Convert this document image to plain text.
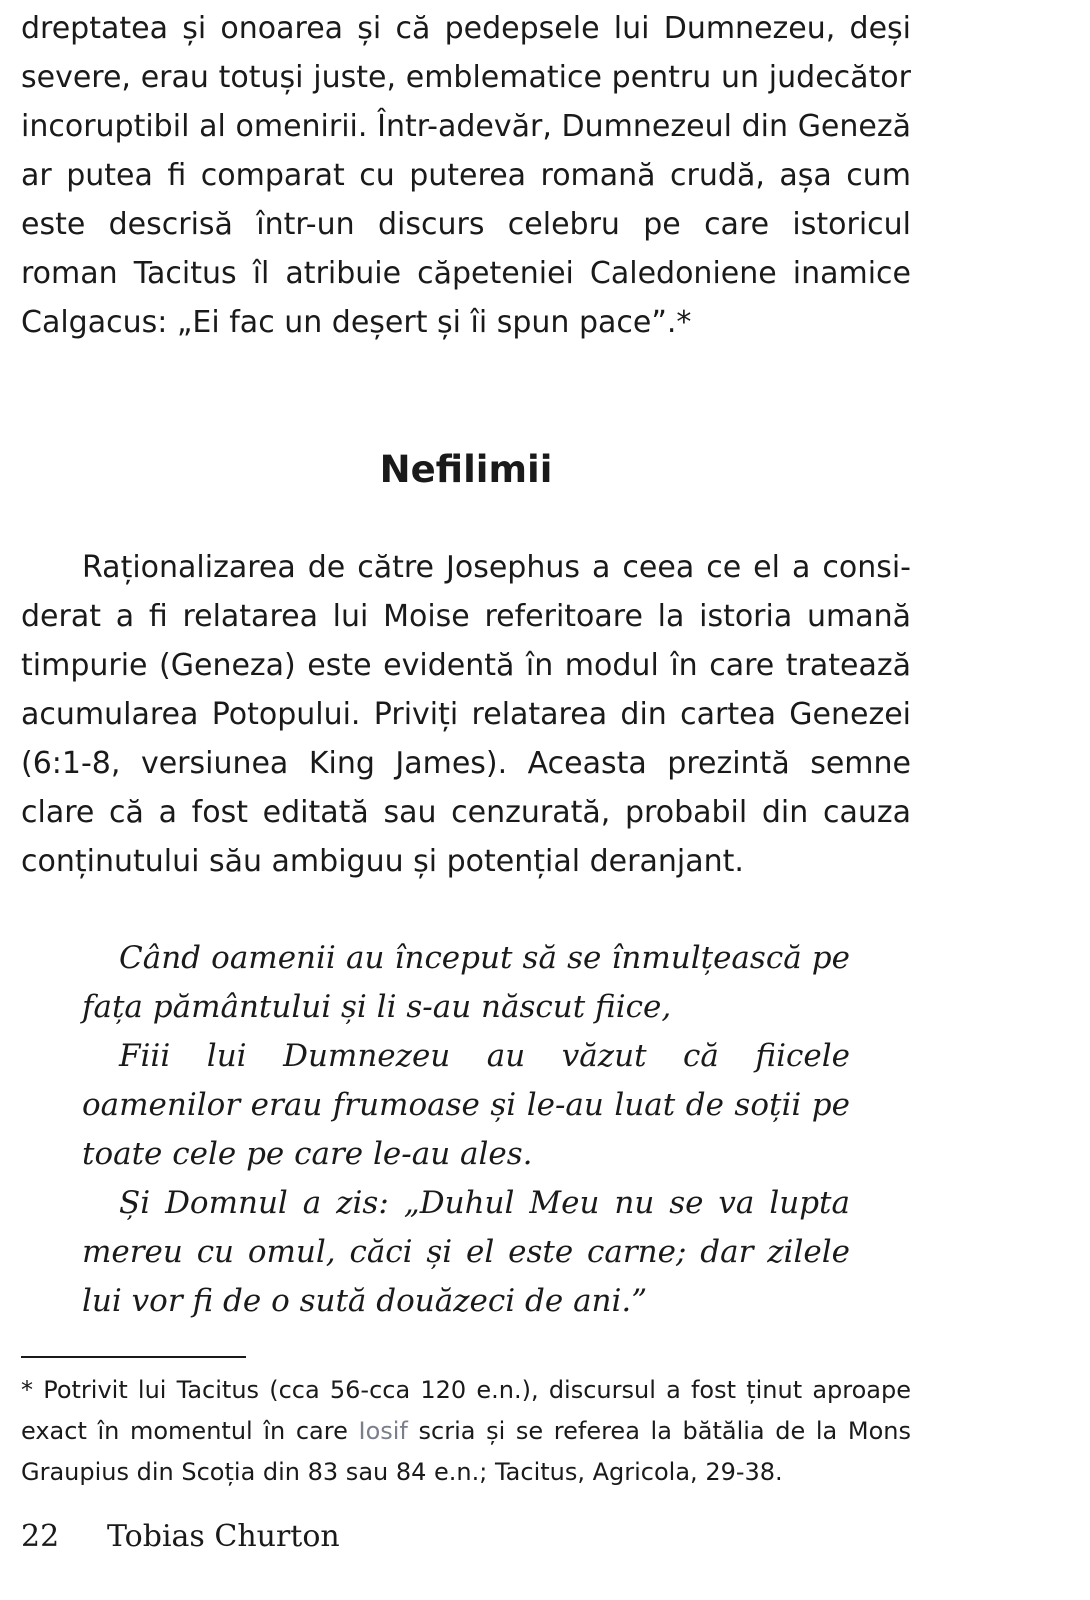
dreptatea și onoarea și că pedepsele lui Dumnezeu, deși severe, erau totuși juste, emblematice pentru un judecător incoruptibil al omenirii. Într-adevăr, Dumnezeul din Geneză ar putea fi comparat cu puterea romană crudă, așa cum este descrisă într-un discurs celebru pe care istoricul roman Tacitus îl atribuie căpeteniei Caledoniene inamice Calgacus: „Ei fac un deșert și îi spun pace”.*

Nefilimii

Raționalizarea de către Josephus a ceea ce el a considerat a fi relatarea lui Moise referitoare la istoria umană timpurie (Geneza) este evidentă în modul în care tratează acumularea Potopului. Priviți relatarea din cartea Genezei (6:1-8, versiunea King James). Aceasta prezintă semne clare că a fost editată sau cenzurată, probabil din cauza conținutului său ambiguu și potențial deranjant.

Când oamenii au început să se înmulțească pe fața pământului și li s-au născut fiice,

Fiii lui Dumnezeu au văzut că fiicele oamenilor erau frumoase și le-au luat de soții pe toate cele pe care le-au ales.

Și Domnul a zis: „Duhul Meu nu se va lupta mereu cu omul, căci și el este carne; dar zilele lui vor fi de o sută douăzeci de ani.”

* Potrivit lui Tacitus (cca 56-cca 120 e.n.), discursul a fost ținut aproape exact în momentul în care Iosif scria și se referea la bătălia de la Mons Graupius din Scoția din 83 sau 84 e.n.; Tacitus, Agricola, 29-38.

22 Tobias Churton
